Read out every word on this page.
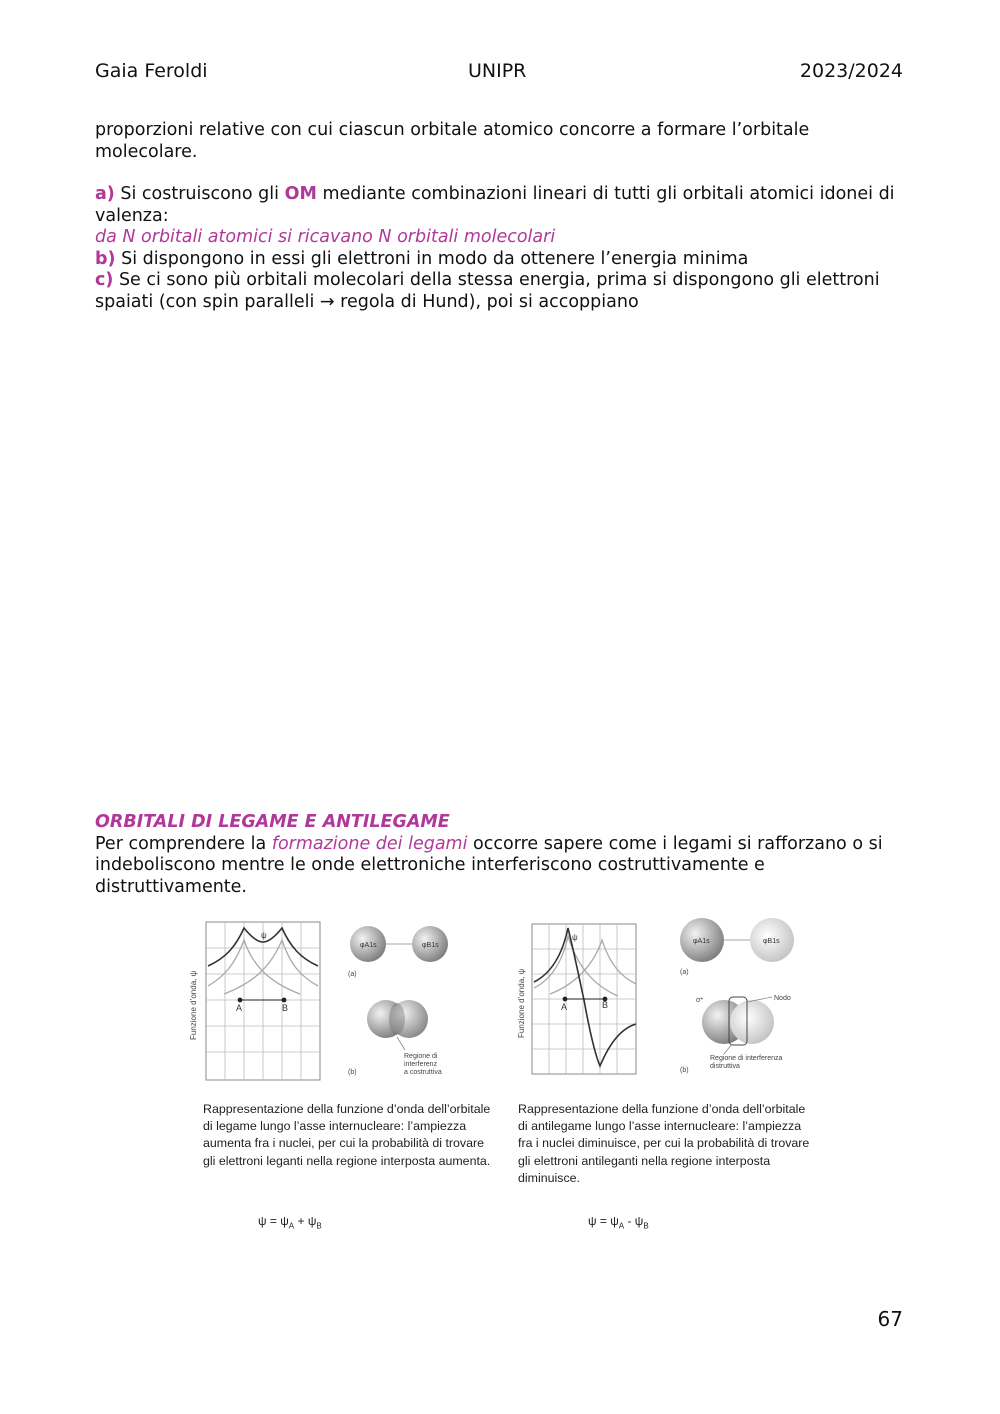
Gaia Feroldi	UNIPR	2023/2024

proporzioni relative con cui ciascun orbitale atomico concorre a formare l’orbitale molecolare.

a) Si costruiscono gli OM mediante combinazioni lineari di tutti gli orbitali atomici idonei di valenza:
da N orbitali atomici si ricavano N orbitali molecolari
b) Si dispongono in essi gli elettroni in modo da ottenere l’energia minima
c) Se ci sono più orbitali molecolari della stessa energia, prima si dispongono gli elettroni spaiati (con spin paralleli → regola di Hund), poi si accoppiano
ORBITALI DI LEGAME E ANTILEGAME
Per comprendere la formazione dei legami occorre sapere come i legami si rafforzano o si indeboliscono mentre le onde elettroniche interferiscono costruttivamente e distruttivamente.
A	B
ψ
Funzione d’onda, ψ
φA1s	φB1s
(a)
(b)
Regione di interferenz a costruttiva
A	B
ψ
Funzione d’onda, ψ
φA1s	φB1s
(a)
σ*	Nodo
(b)
Regione di interferenza distruttiva
Rappresentazione della funzione d’onda dell’orbitale di legame lungo l’asse internucleare: l’ampiezza aumenta fra i nuclei, per cui la probabilità di trovare gli elettroni leganti nella regione interposta aumenta.
Rappresentazione della funzione d’onda dell’orbitale di antilegame lungo l’asse internucleare: l’ampiezza fra i nuclei diminuisce, per cui la probabilità di trovare gli elettroni antileganti nella regione interposta diminuisce.
$\psi = \psi_A + \psi_B$	$\psi = \psi_A - \psi_B$
67
